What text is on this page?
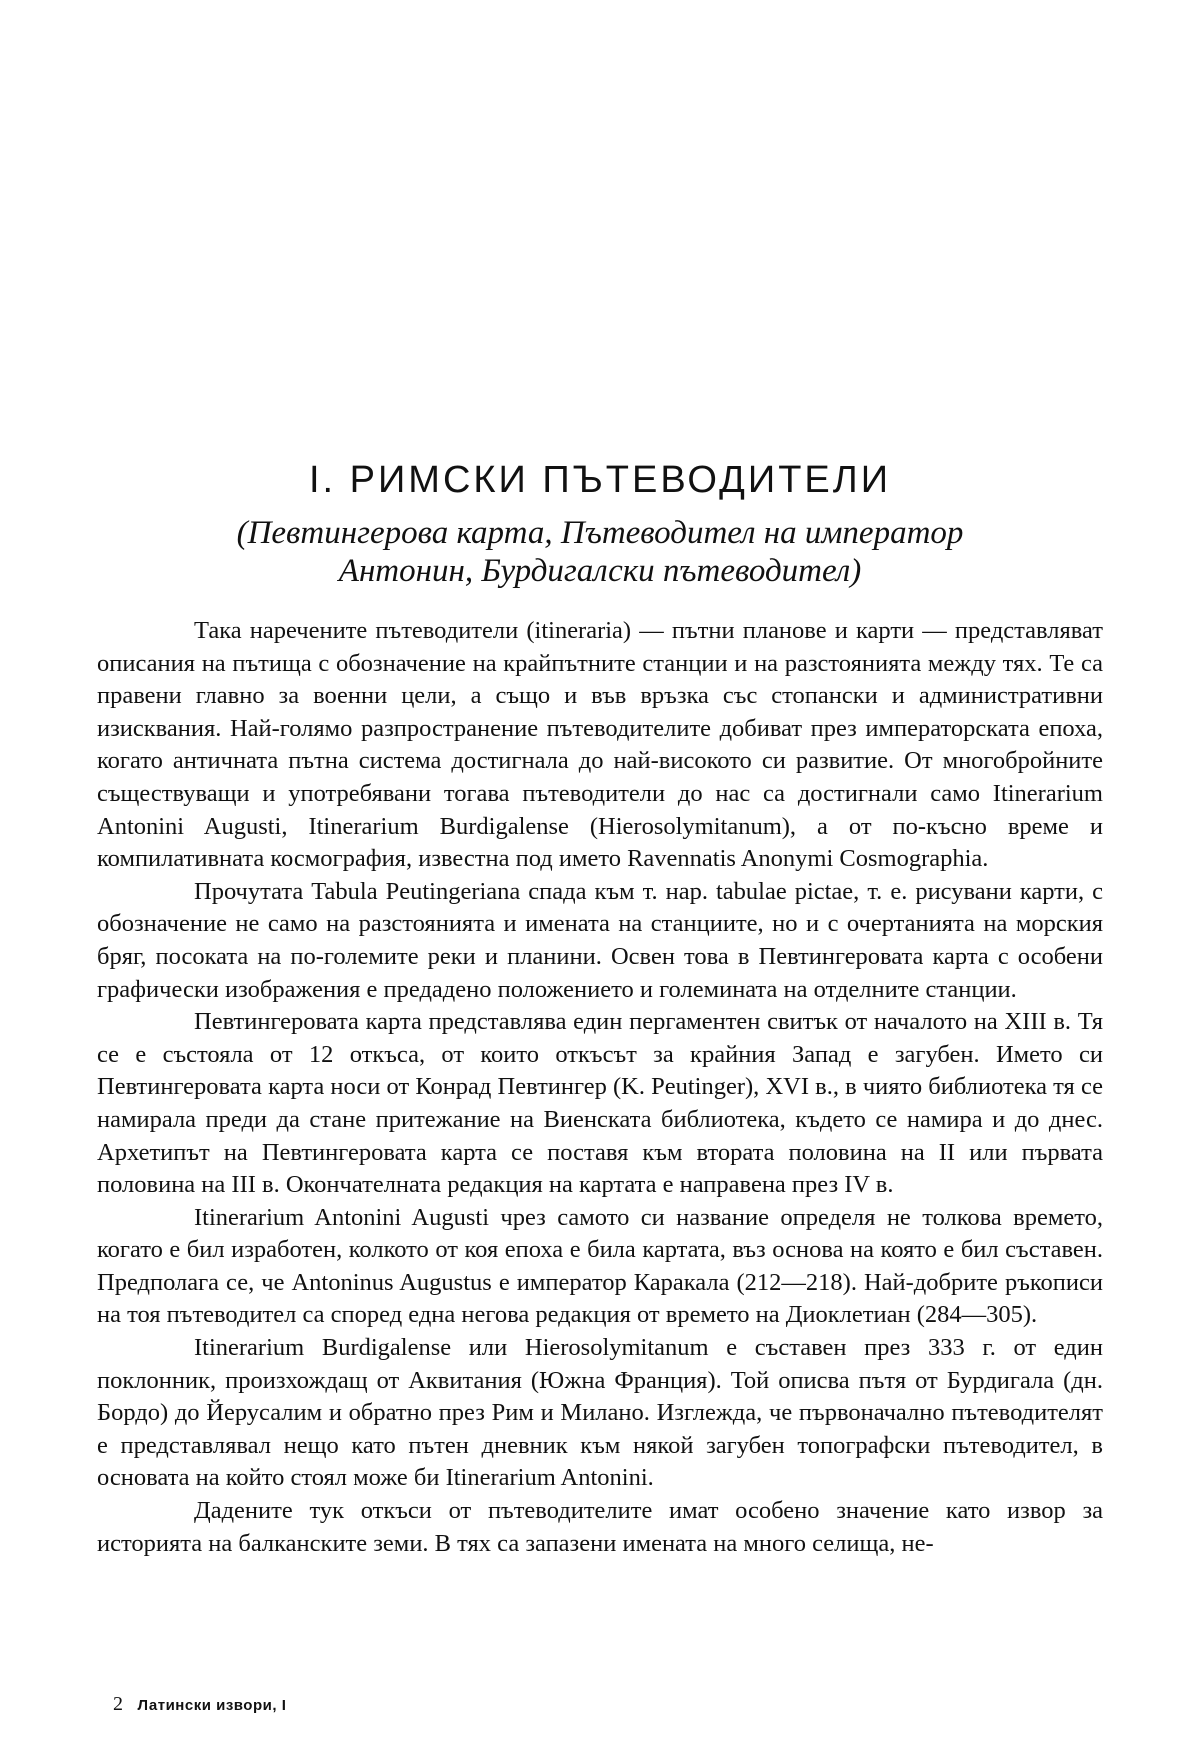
I. РИМСКИ ПЪТЕВОДИТЕЛИ
(Певтингерова карта, Пътеводител на император
Антонин, Бурдигалски пътеводител)

Така наречените пътеводители (itineraria) — пътни планове и карти — представляват описания на пътища с обозначение на крайпътните станции и на разстоянията между тях. Те са правени главно за военни цели, а също и във връзка със стопански и административни изисквания. Най-голямо разпространение пътеводителите добиват през императорската епоха, когато античната пътна система достигнала до най-високото си развитие. От многобройните съществуващи и употребявани тогава пътеводители до нас са достигнали само Itinerarium Antonini Augusti, Itinerarium Burdigalense (Hierosolymitanum), а от по-късно време и компилативната космография, известна под името Ravennatis Anonymi Cosmographia.

Прочутата Tabula Peutingeriana спада към т. нар. tabulae pictae, т. е. рисувани карти, с обозначение не само на разстоянията и имената на станциите, но и с очертанията на морския бряг, посоката на по-големите реки и планини. Освен това в Певтингеровата карта с особени графически изображения е предадено положението и големината на отделните станции.

Певтингеровата карта представлява един пергаментен свитък от началото на XIII в. Тя се е състояла от 12 откъса, от които откъсът за крайния Запад е загубен. Името си Певтингеровата карта носи от Конрад Певтингер (K. Peutinger), XVI в., в чиято библиотека тя се намирала преди да стане притежание на Виенската библиотека, където се намира и до днес. Архетипът на Певтингеровата карта се поставя към втората половина на II или първата половина на III в. Окончателната редакция на картата е направена през IV в.

Itinerarium Antonini Augusti чрез самото си название определя не толкова времето, когато е бил изработен, колкото от коя епоха е била картата, въз основа на която е бил съставен. Предполага се, че Antoninus Augustus е император Каракала (212—218). Най-добрите ръкописи на тоя пътеводител са според една негова редакция от времето на Диоклетиан (284—305).

Itinerarium Burdigalense или Hierosolymitanum е съставен през 333 г. от един поклонник, произхождащ от Аквитания (Южна Франция). Той описва пътя от Бурдигала (дн. Бордо) до Йерусалим и обратно през Рим и Милано. Изглежда, че първоначално пътеводителят е представлявал нещо като пътен дневник към някой загубен топографски пътеводител, в основата на който стоял може би Itinerarium Antonini.

Дадените тук откъси от пътеводителите имат особено значение като извор за историята на балканските земи. В тях са запазени имената на много селища, не-

2 Латински извори, I
